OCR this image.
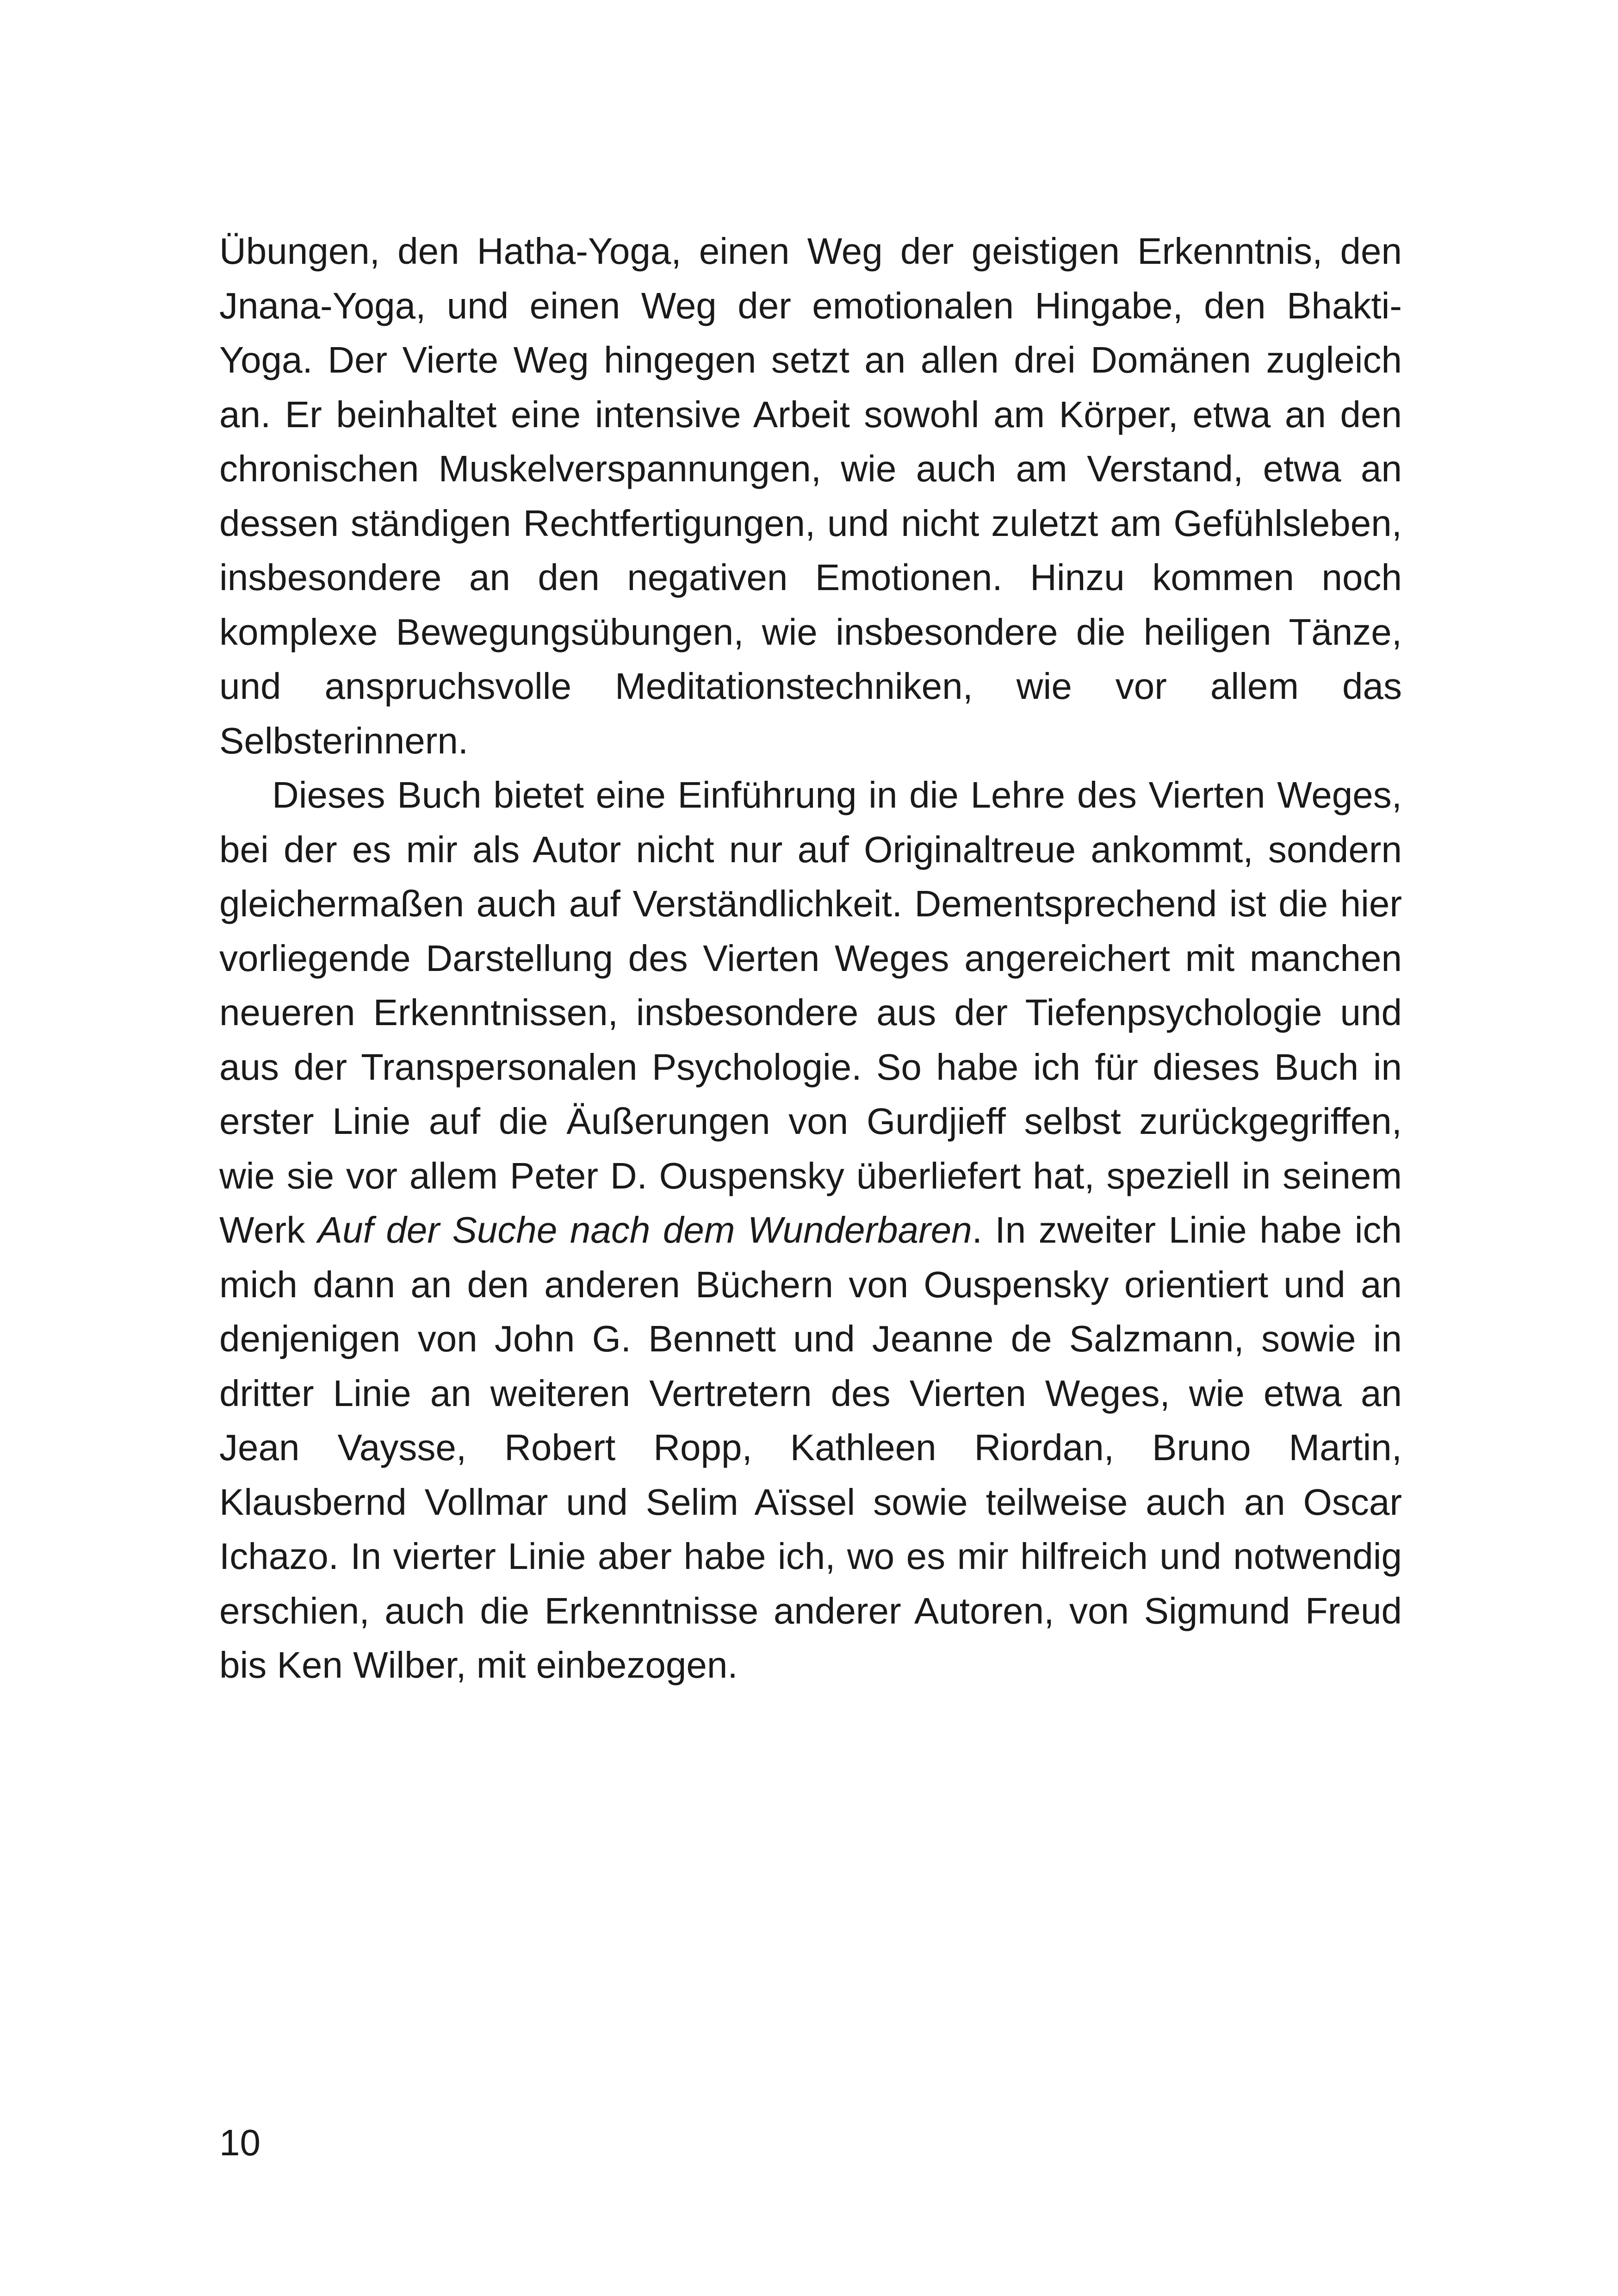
Übungen, den Hatha-Yoga, einen Weg der geistigen Erkenntnis, den Jnana-Yoga, und einen Weg der emotionalen Hingabe, den Bhakti-Yoga. Der Vierte Weg hingegen setzt an allen drei Domänen zugleich an. Er beinhaltet eine intensive Arbeit sowohl am Körper, etwa an den chronischen Muskelverspannungen, wie auch am Verstand, etwa an dessen ständigen Rechtfertigungen, und nicht zuletzt am Gefühlsleben, insbesondere an den negativen Emotionen. Hinzu kommen noch komplexe Bewegungsübungen, wie insbesondere die heiligen Tänze, und anspruchsvolle Meditationstechniken, wie vor allem das Selbsterinnern.

Dieses Buch bietet eine Einführung in die Lehre des Vierten Weges, bei der es mir als Autor nicht nur auf Originaltreue ankommt, sondern gleichermaßen auch auf Verständlichkeit. Dementsprechend ist die hier vorliegende Darstellung des Vierten Weges angereichert mit manchen neueren Erkenntnissen, insbesondere aus der Tiefenpsychologie und aus der Transpersonalen Psychologie. So habe ich für dieses Buch in erster Linie auf die Äußerungen von Gurdjieff selbst zurückgegriffen, wie sie vor allem Peter D. Ouspensky überliefert hat, speziell in seinem Werk Auf der Suche nach dem Wunderbaren. In zweiter Linie habe ich mich dann an den anderen Büchern von Ouspensky orientiert und an denjenigen von John G. Bennett und Jeanne de Salzmann, sowie in dritter Linie an weiteren Vertretern des Vierten Weges, wie etwa an Jean Vaysse, Robert Ropp, Kathleen Riordan, Bruno Martin, Klausbernd Vollmar und Selim Aïssel sowie teilweise auch an Oscar Ichazo. In vierter Linie aber habe ich, wo es mir hilfreich und notwendig erschien, auch die Erkenntnisse anderer Autoren, von Sigmund Freud bis Ken Wilber, mit einbezogen.

10
